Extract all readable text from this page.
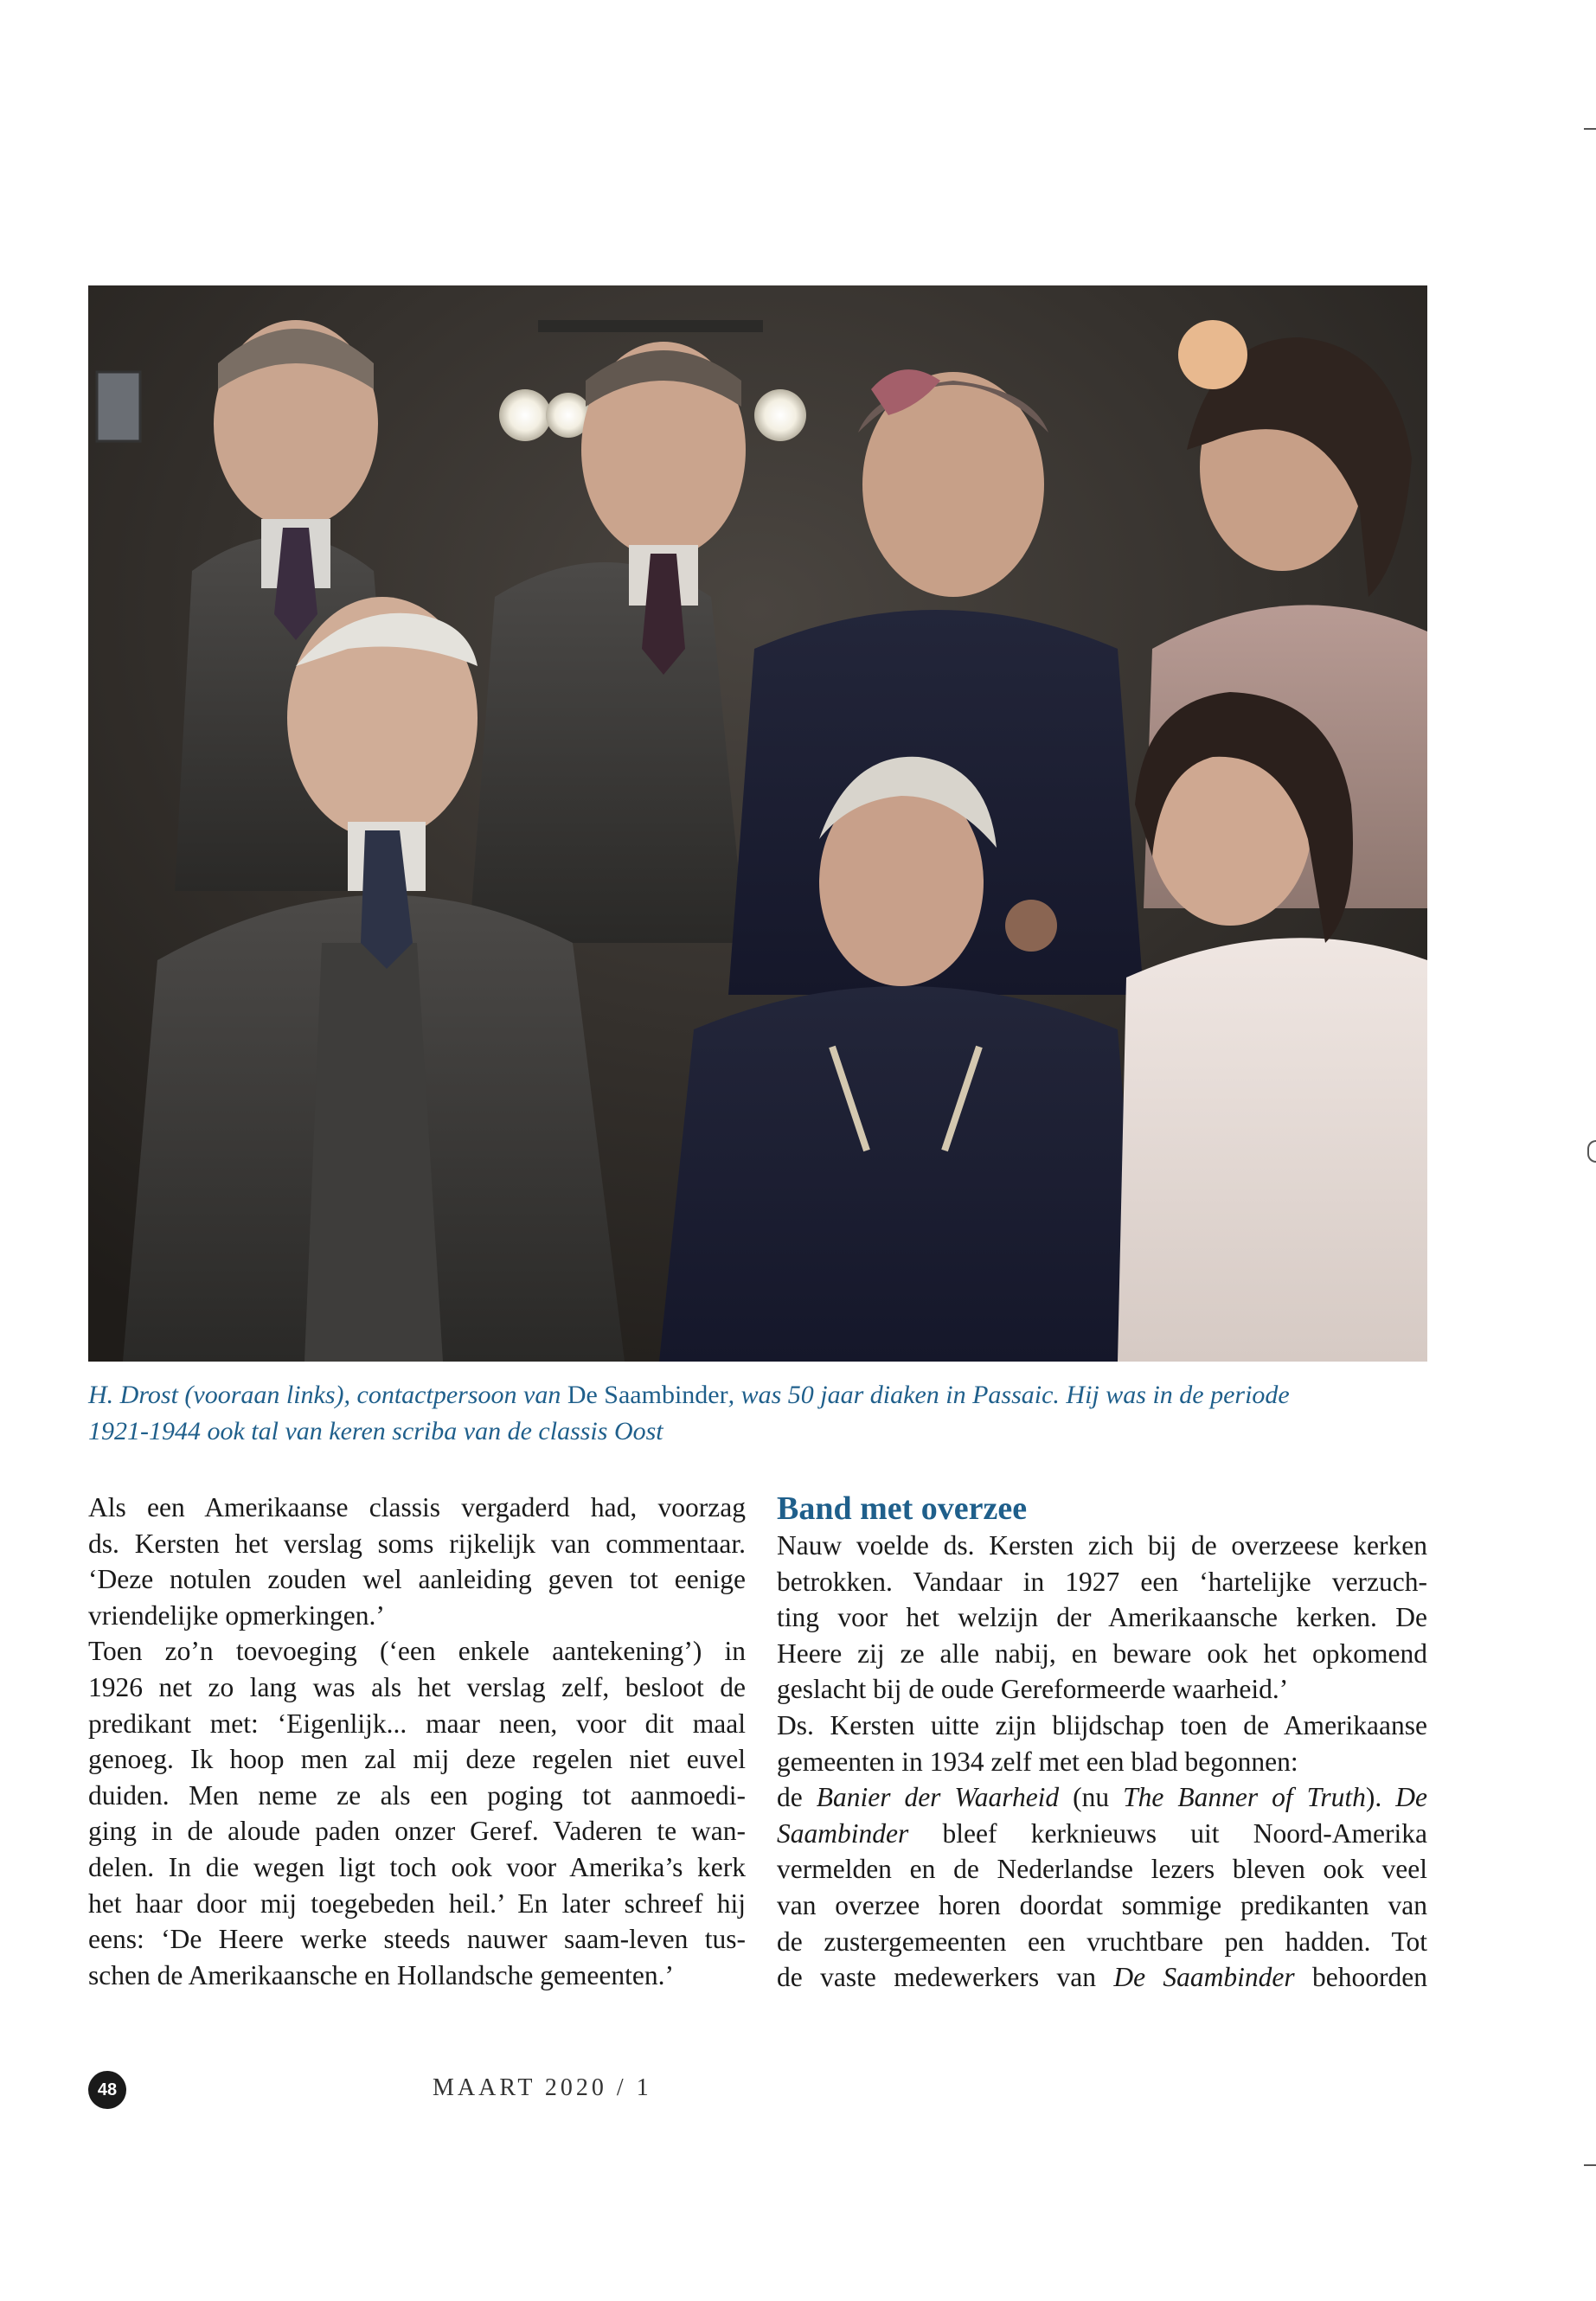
H. Drost (vooraan links), contactpersoon van De Saambinder, was 50 jaar diaken in Passaic. Hij was in de periode
1921-1944 ook tal van keren scriba van de classis Oost
Als een Amerikaanse classis vergaderd had, voorzag
ds. Kersten het verslag soms rijkelijk van commentaar.
‘Deze notulen zouden wel aanleiding geven tot eenige
vriendelijke opmerkingen.’
Toen zo’n toevoeging (‘een enkele aantekening’) in
1926 net zo lang was als het verslag zelf, besloot de
predikant met: ‘Eigenlijk... maar neen, voor dit maal
genoeg. Ik hoop men zal mij deze regelen niet euvel
duiden. Men neme ze als een poging tot aanmoedi-
ging in de aloude paden onzer Geref. Vaderen te wan-
delen. In die wegen ligt toch ook voor Amerika’s kerk
het haar door mij toegebeden heil.’ En later schreef hij
eens: ‘De Heere werke steeds nauwer saam-leven tus-
schen de Amerikaansche en Hollandsche gemeenten.’
Band met overzee
Nauw voelde ds. Kersten zich bij de overzeese kerken
betrokken. Vandaar in 1927 een ‘hartelijke verzuch-
ting voor het welzijn der Amerikaansche kerken. De
Heere zij ze alle nabij, en beware ook het opkomend
geslacht bij de oude Gereformeerde waarheid.’
Ds. Kersten uitte zijn blijdschap toen de Amerikaanse
gemeenten in 1934 zelf met een blad begonnen:
de Banier der Waarheid (nu The Banner of Truth). De
Saambinder bleef kerknieuws uit Noord-Amerika
vermelden en de Nederlandse lezers bleven ook veel
van overzee horen doordat sommige predikanten van
de zustergemeenten een vruchtbare pen hadden. Tot
de vaste medewerkers van De Saambinder behoorden
48	MAART 2020 / 1
